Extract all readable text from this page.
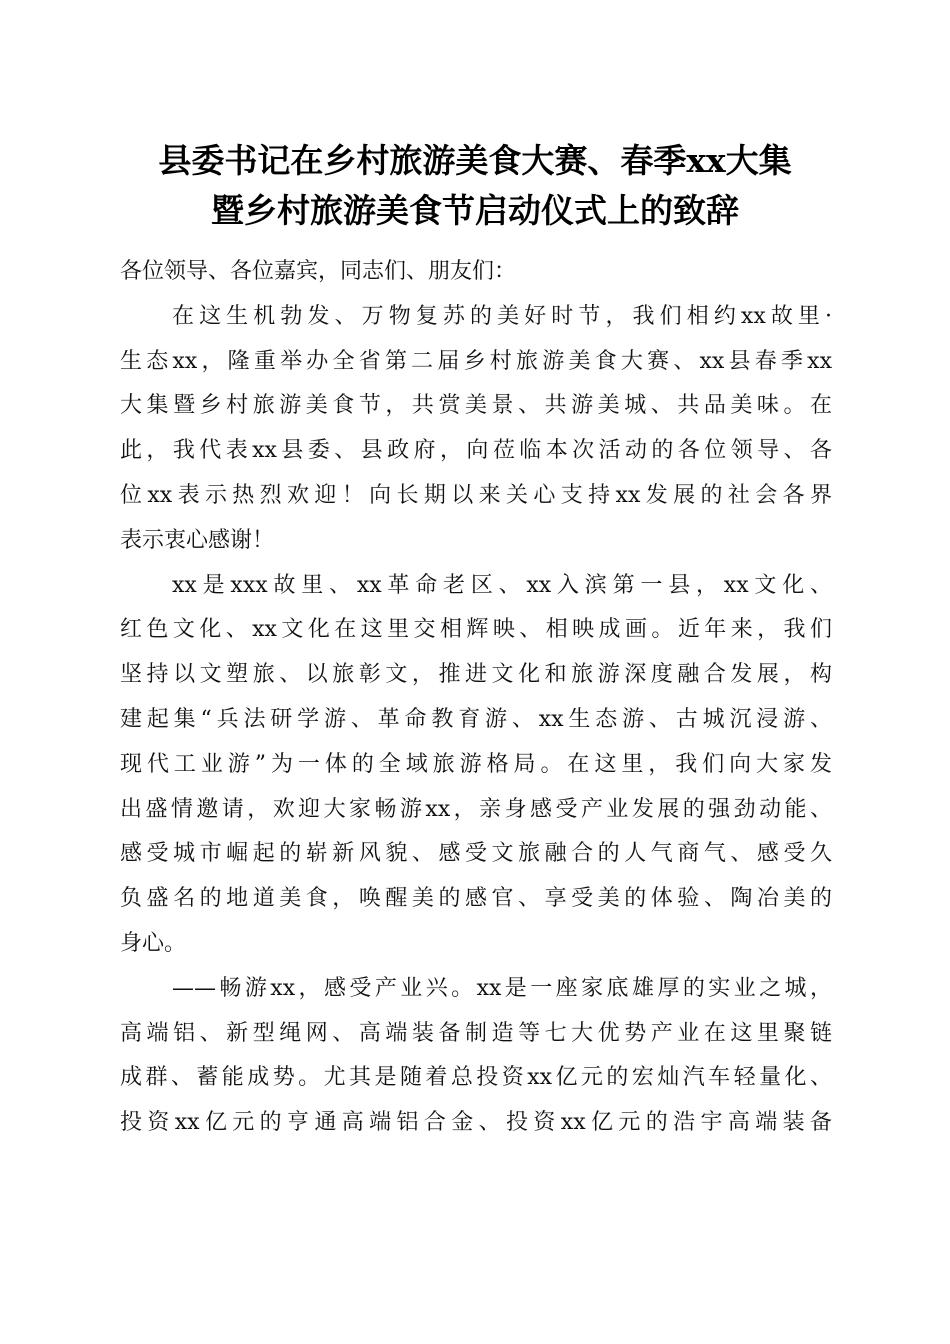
县委书记在乡村旅游美食大赛、春季xx大集
暨乡村旅游美食节启动仪式上的致辞
各位领导、各位嘉宾，同志们、朋友们：
在这生机勃发、万物复苏的美好时节，我们相约xx故里·
生态xx，隆重举办全省第二届乡村旅游美食大赛、xx县春季xx
大集暨乡村旅游美食节，共赏美景、共游美城、共品美味。在
此，我代表xx县委、县政府，向莅临本次活动的各位领导、各
位xx表示热烈欢迎！向长期以来关心支持xx发展的社会各界
表示衷心感谢！
xx是xxx故里、xx革命老区、xx入滨第一县，xx文化、
红色文化、xx文化在这里交相辉映、相映成画。近年来，我们
坚持以文塑旅、以旅彰文，推进文化和旅游深度融合发展，构
建起集“兵法研学游、革命教育游、xx生态游、古城沉浸游、
现代工业游”为一体的全域旅游格局。在这里，我们向大家发
出盛情邀请，欢迎大家畅游xx，亲身感受产业发展的强劲动能、
感受城市崛起的崭新风貌、感受文旅融合的人气商气、感受久
负盛名的地道美食，唤醒美的感官、享受美的体验、陶冶美的
身心。
——畅游xx，感受产业兴。xx是一座家底雄厚的实业之城，
高端铝、新型绳网、高端装备制造等七大优势产业在这里聚链
成群、蓄能成势。尤其是随着总投资xx亿元的宏灿汽车轻量化、
投资xx亿元的亨通高端铝合金、投资xx亿元的浩宇高端装备
